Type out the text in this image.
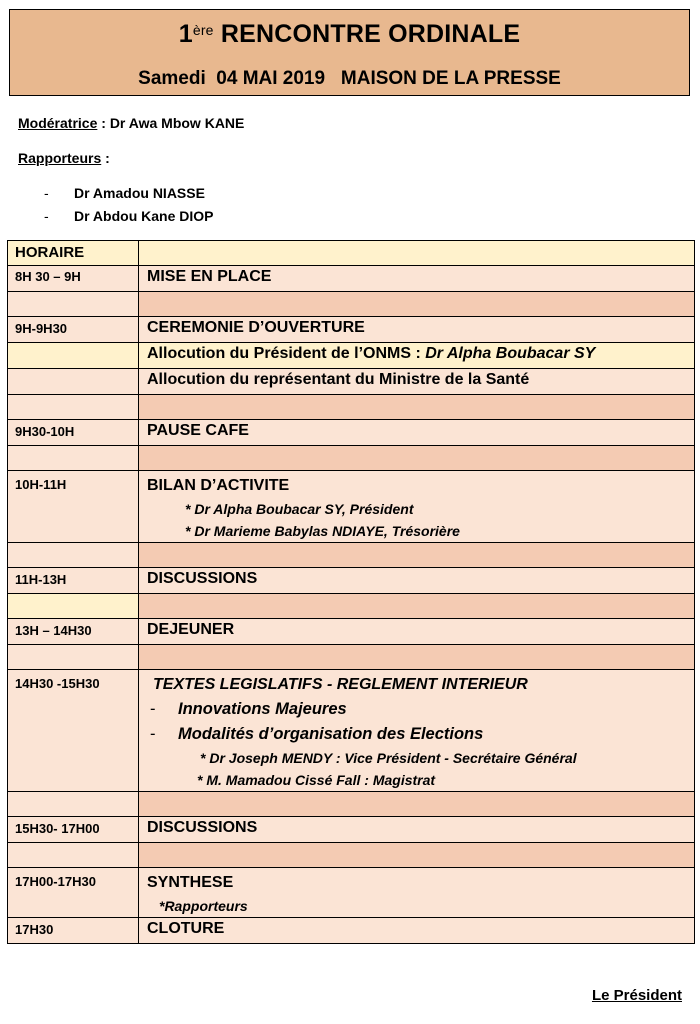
1ère RENCONTRE ORDINALE
Samedi  04 MAI 2019   MAISON DE LA PRESSE
Modératrice : Dr Awa Mbow KANE
Rapporteurs :
- Dr Amadou NIASSE
- Dr Abdou Kane DIOP
HORAIRE	
8H 30 – 9H	MISE EN PLACE

9H-9H30	CEREMONIE D’OUVERTURE
	Allocution du Président de l’ONMS : Dr Alpha Boubacar SY
	Allocution du représentant du Ministre de la Santé

9H30-10H	PAUSE CAFE

10H-11H	BILAN D’ACTIVITE
* Dr Alpha Boubacar SY, Président
* Dr Marieme Babylas NDIAYE, Trésorière

11H-13H	DISCUSSIONS

13H – 14H30	DEJEUNER

14H30 -15H30	TEXTES LEGISLATIFS - REGLEMENT INTERIEUR
- Innovations Majeures
- Modalités d’organisation des Elections
* Dr Joseph MENDY : Vice Président - Secrétaire Général
* M. Mamadou Cissé Fall : Magistrat

15H30- 17H00	DISCUSSIONS

17H00-17H30	SYNTHESE
*Rapporteurs

17H30	CLOTURE
Le Président
